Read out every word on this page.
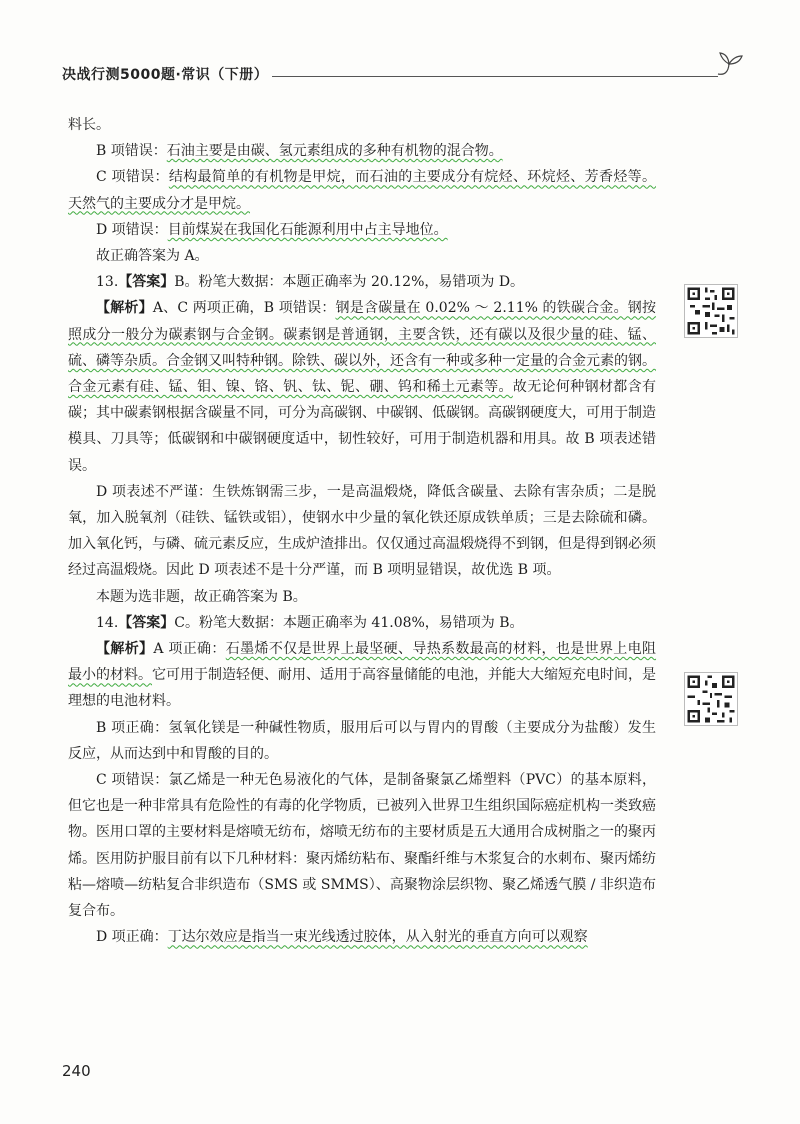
决战行测5000题·常识（下册）

料长。

B 项错误：石油主要是由碳、氢元素组成的多种有机物的混合物。

C 项错误：结构最简单的有机物是甲烷，而石油的主要成分有烷烃、环烷烃、芳香烃等。天然气的主要成分才是甲烷。

D 项错误：目前煤炭在我国化石能源利用中占主导地位。

故正确答案为 A。

13.【答案】B。粉笔大数据：本题正确率为 20.12%，易错项为 D。

【解析】A、C 两项正确，B 项错误：钢是含碳量在 0.02% ～ 2.11% 的铁碳合金。钢按照成分一般分为碳素钢与合金钢。碳素钢是普通钢，主要含铁，还有碳以及很少量的硅、锰、硫、磷等杂质。合金钢又叫特种钢。除铁、碳以外，还含有一种或多种一定量的合金元素的钢。合金元素有硅、锰、钼、镍、铬、钒、钛、铌、硼、钨和稀土元素等。故无论何种钢材都含有碳；其中碳素钢根据含碳量不同，可分为高碳钢、中碳钢、低碳钢。高碳钢硬度大，可用于制造模具、刀具等；低碳钢和中碳钢硬度适中，韧性较好，可用于制造机器和用具。故 B 项表述错误。

D 项表述不严谨：生铁炼钢需三步，一是高温煅烧，降低含碳量、去除有害杂质；二是脱氧，加入脱氧剂（硅铁、锰铁或铝），使钢水中少量的氧化铁还原成铁单质；三是去除硫和磷。加入氧化钙，与磷、硫元素反应，生成炉渣排出。仅仅通过高温煅烧得不到钢，但是得到钢必须经过高温煅烧。因此 D 项表述不是十分严谨，而 B 项明显错误，故优选 B 项。

本题为选非题，故正确答案为 B。

14.【答案】C。粉笔大数据：本题正确率为 41.08%，易错项为 B。

【解析】A 项正确：石墨烯不仅是世界上最坚硬、导热系数最高的材料，也是世界上电阻最小的材料。它可用于制造轻便、耐用、适用于高容量储能的电池，并能大大缩短充电时间，是理想的电池材料。

B 项正确：氢氧化镁是一种碱性物质，服用后可以与胃内的胃酸（主要成分为盐酸）发生反应，从而达到中和胃酸的目的。

C 项错误：氯乙烯是一种无色易液化的气体，是制备聚氯乙烯塑料（PVC）的基本原料，但它也是一种非常具有危险性的有毒的化学物质，已被列入世界卫生组织国际癌症机构一类致癌物。医用口罩的主要材料是熔喷无纺布，熔喷无纺布的主要材质是五大通用合成树脂之一的聚丙烯。医用防护服目前有以下几种材料：聚丙烯纺粘布、聚酯纤维与木浆复合的水刺布、聚丙烯纺粘—熔喷—纺粘复合非织造布（SMS 或 SMMS）、高聚物涂层织物、聚乙烯透气膜 / 非织造布复合布。

D 项正确：丁达尔效应是指当一束光线透过胶体，从入射光的垂直方向可以观察

240
